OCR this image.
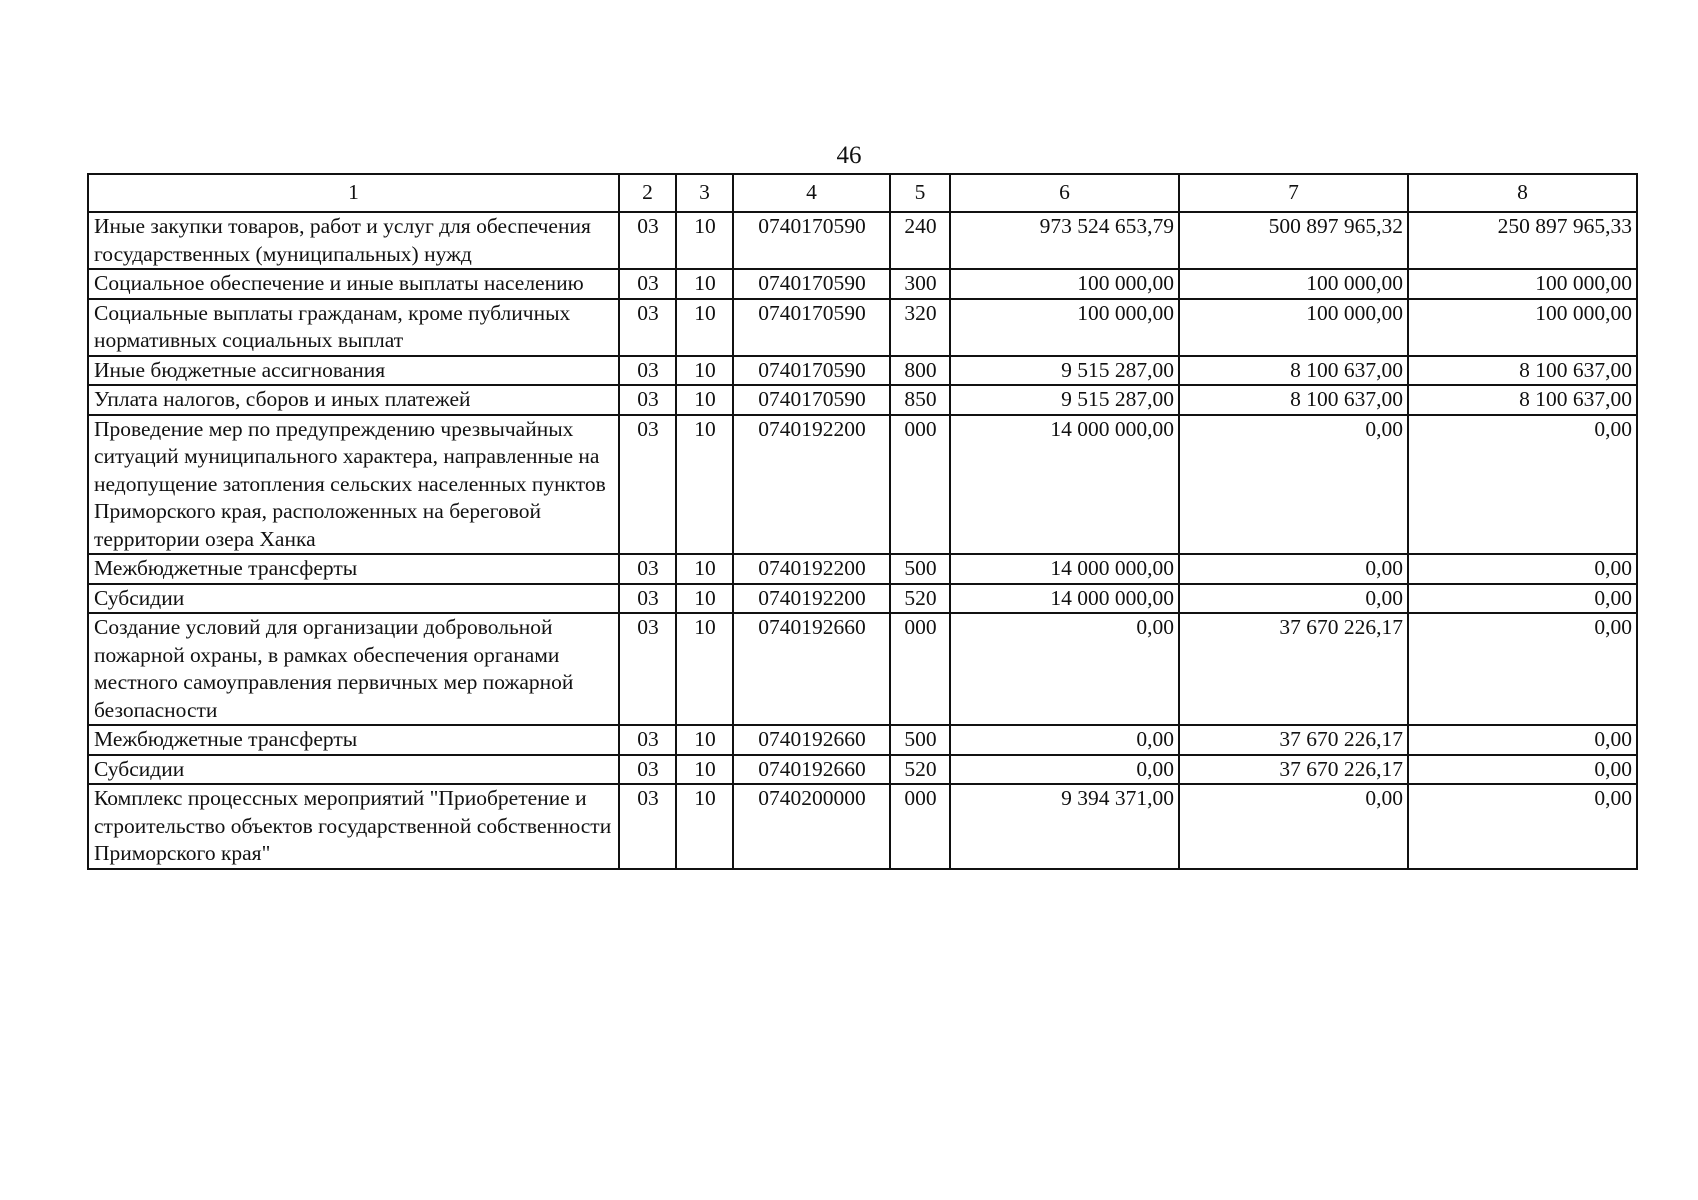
46
1	2	3	4	5	6	7	8
Иные закупки товаров, работ и услуг для обеспечения государственных (муниципальных) нужд	03	10	0740170590	240	973 524 653,79	500 897 965,32	250 897 965,33
Социальное обеспечение и иные выплаты населению	03	10	0740170590	300	100 000,00	100 000,00	100 000,00
Социальные выплаты гражданам, кроме публичных нормативных социальных выплат	03	10	0740170590	320	100 000,00	100 000,00	100 000,00
Иные бюджетные ассигнования	03	10	0740170590	800	9 515 287,00	8 100 637,00	8 100 637,00
Уплата налогов, сборов и иных платежей	03	10	0740170590	850	9 515 287,00	8 100 637,00	8 100 637,00
Проведение мер по предупреждению чрезвычайных ситуаций муниципального характера, направленные на недопущение затопления сельских населенных пунктов Приморского края, расположенных на береговой территории озера Ханка	03	10	0740192200	000	14 000 000,00	0,00	0,00
Межбюджетные трансферты	03	10	0740192200	500	14 000 000,00	0,00	0,00
Субсидии	03	10	0740192200	520	14 000 000,00	0,00	0,00
Создание условий для организации добровольной пожарной охраны, в рамках обеспечения органами местного самоуправления первичных мер пожарной безопасности	03	10	0740192660	000	0,00	37 670 226,17	0,00
Межбюджетные трансферты	03	10	0740192660	500	0,00	37 670 226,17	0,00
Субсидии	03	10	0740192660	520	0,00	37 670 226,17	0,00
Комплекс процессных мероприятий "Приобретение и строительство объектов государственной собственности Приморского края"	03	10	0740200000	000	9 394 371,00	0,00	0,00
